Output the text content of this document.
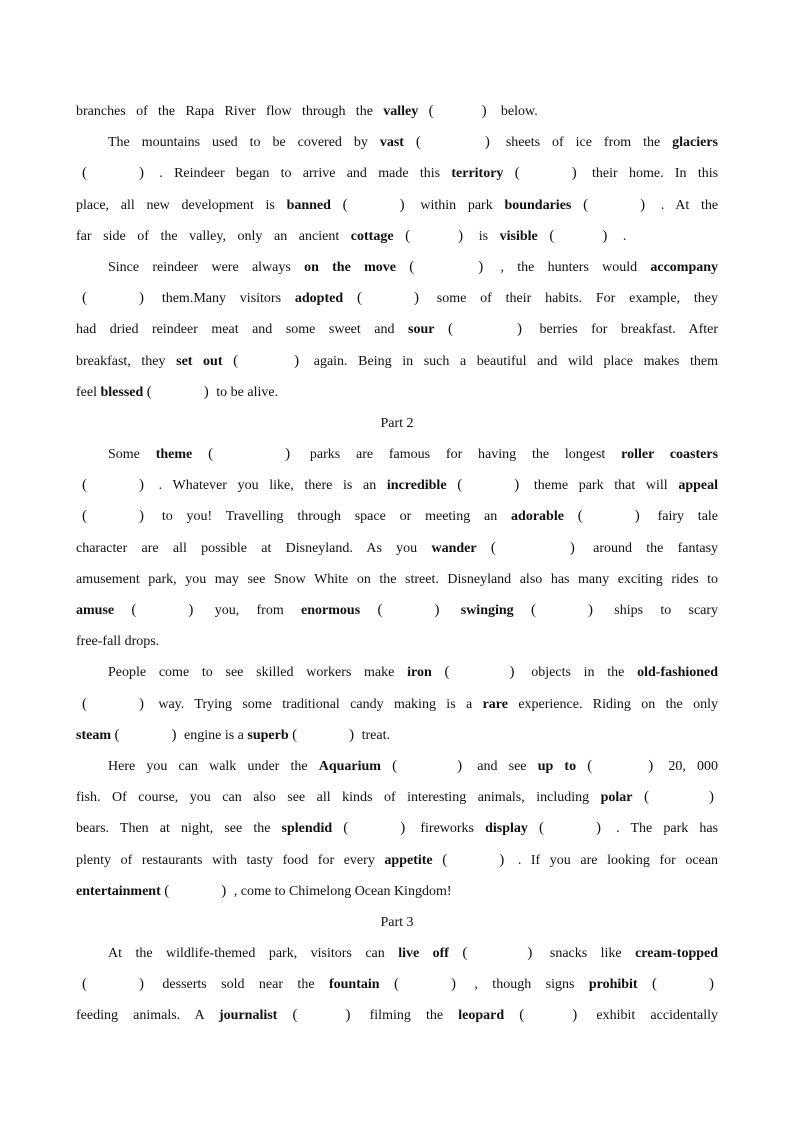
branches of the Rapa River flow through the valley (	) below.
The mountains used to be covered by vast (	) sheets of ice from the glaciers
(	) . Reindeer began to arrive and made this territory (	) their home. In this
place, all new development is banned (	) within park boundaries (	) . At the
far side of the valley, only an ancient cottage (	) is visible (	) .
Since reindeer were always on the move (	) , the hunters would accompany
(	) them.Many visitors adopted (	) some of their habits. For example, they
had dried reindeer meat and some sweet and sour (	) berries for breakfast. After
breakfast, they set out (	) again. Being in such a beautiful and wild place makes them
feel blessed (	) to be alive.
Part 2
Some theme (	) parks are famous for having the longest roller coasters
(	) . Whatever you like, there is an incredible (	) theme park that will appeal
(	) to you! Travelling through space or meeting an adorable (	) fairy tale
character are all possible at Disneyland. As you wander (	) around the fantasy
amusement park, you may see Snow White on the street. Disneyland also has many exciting rides to
amuse (	) you, from enormous (	) swinging (	) ships to scary
free-fall drops.
People come to see skilled workers make iron (	) objects in the old-fashioned
(	) way. Trying some traditional candy making is a rare experience. Riding on the only
steam (	) engine is a superb (	) treat.
Here you can walk under the Aquarium (	) and see up to (	) 20, 000
fish. Of course, you can also see all kinds of interesting animals, including polar (	)
bears. Then at night, see the splendid (	) fireworks display (	) . The park has
plenty of restaurants with tasty food for every appetite (	) . If you are looking for ocean
entertainment (	) , come to Chimelong Ocean Kingdom!
Part 3
At the wildlife-themed park, visitors can live off (	) snacks like cream-topped
(	) desserts sold near the fountain (	) , though signs prohibit (	)
feeding animals. A journalist (	) filming the leopard (	) exhibit accidentally
